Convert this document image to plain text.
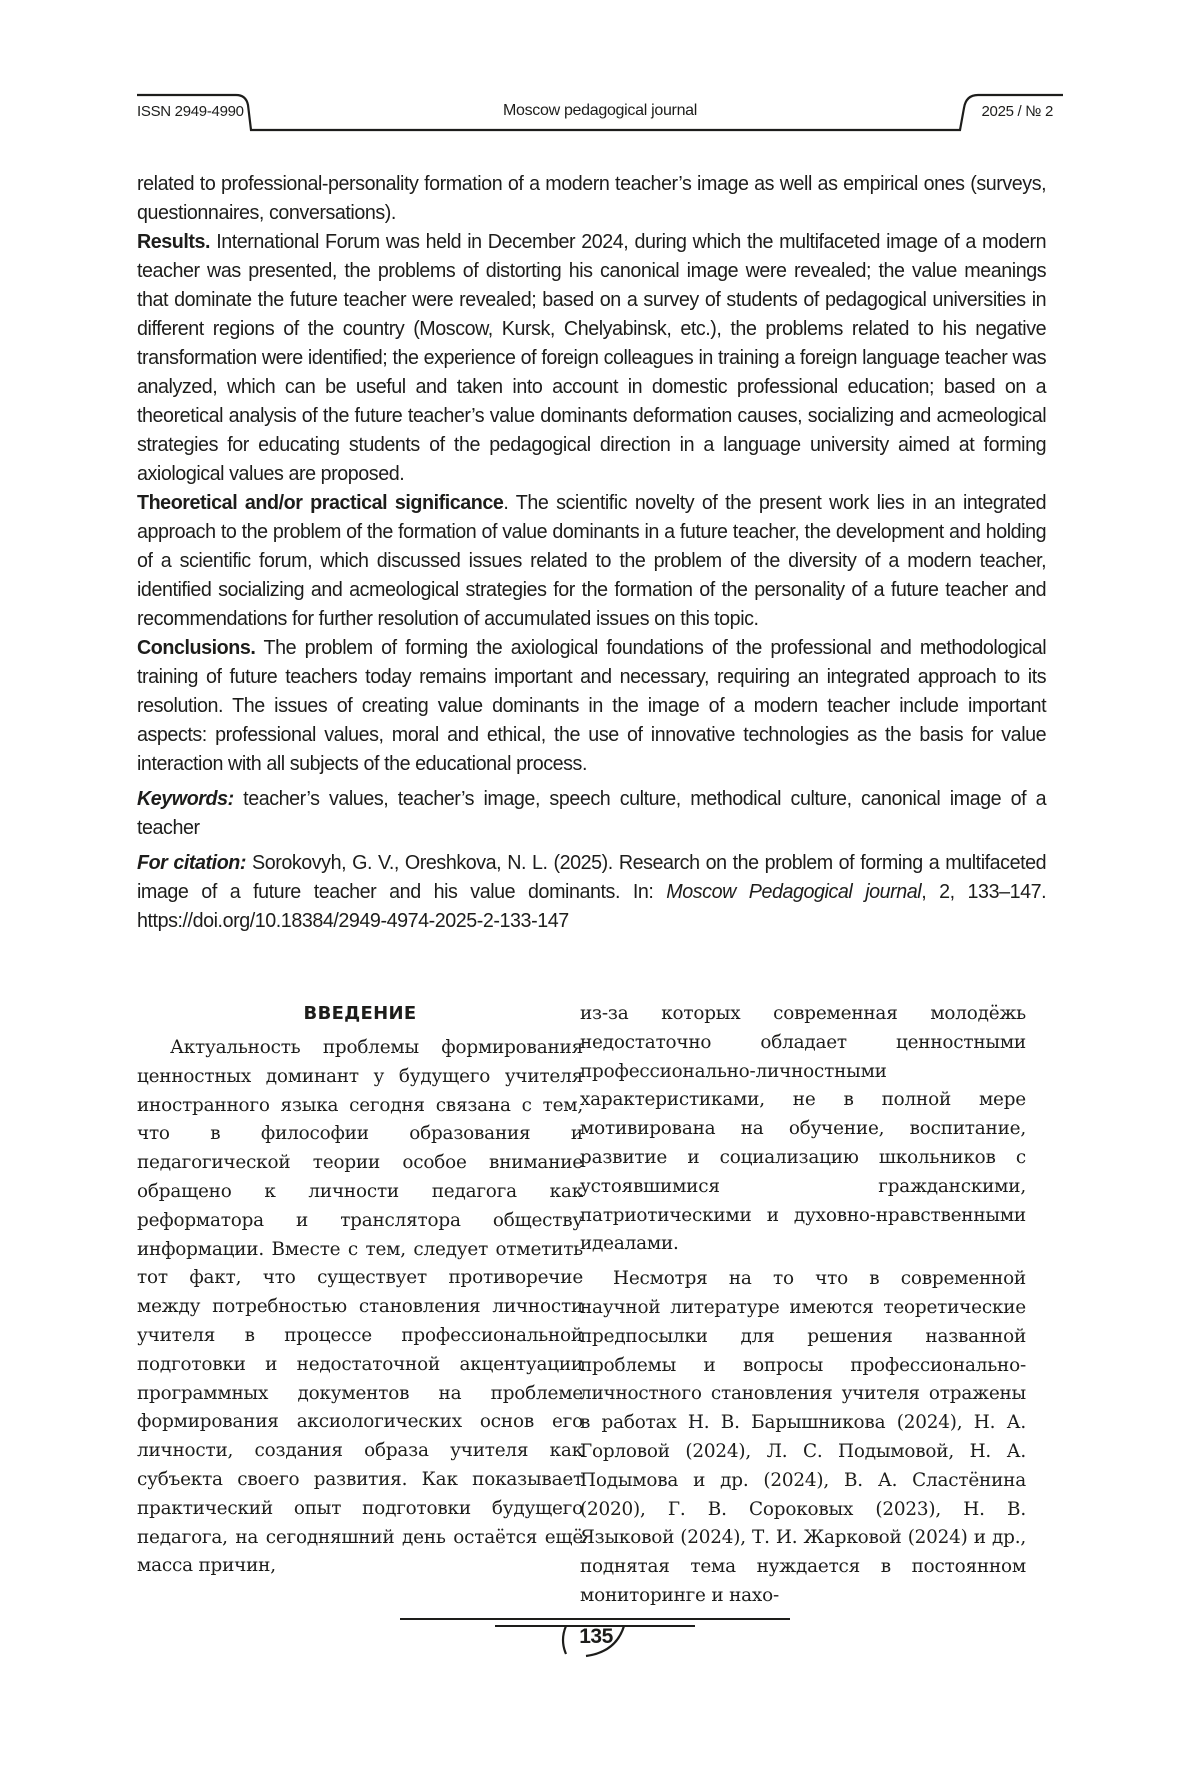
ISSN 2949-4990	Moscow pedagogical journal	2025 / № 2

related to professional-personality formation of a modern teacher’s image as well as empirical ones (surveys, questionnaires, conversations).

Results. International Forum was held in December 2024, during which the multifaceted image of a modern teacher was presented, the problems of distorting his canonical image were revealed; the value meanings that dominate the future teacher were revealed; based on a survey of students of pedagogical universities in different regions of the country (Moscow, Kursk, Chelyabinsk, etc.), the problems related to his negative transformation were identified; the experience of foreign colleagues in training a foreign language teacher was analyzed, which can be useful and taken into account in domestic professional education; based on a theoretical analysis of the future teacher’s value dominants deformation causes, socializing and acmeological strategies for educating students of the pedagogical direction in a language university aimed at forming axiological values are proposed.

Theoretical and/or practical significance. The scientific novelty of the present work lies in an integrated approach to the problem of the formation of value dominants in a future teacher, the development and holding of a scientific forum, which discussed issues related to the problem of the diversity of a modern teacher, identified socializing and acmeological strategies for the formation of the personality of a future teacher and recommendations for further resolution of accumulated issues on this topic.

Conclusions. The problem of forming the axiological foundations of the professional and methodological training of future teachers today remains important and necessary, requiring an integrated approach to its resolution. The issues of creating value dominants in the image of a modern teacher include important aspects: professional values, moral and ethical, the use of innovative technologies as the basis for value interaction with all subjects of the educational process.

Keywords: teacher’s values, teacher’s image, speech culture, methodical culture, canonical image of a teacher

For citation: Sorokovyh, G. V., Oreshkova, N. L. (2025). Research on the problem of forming a multifaceted image of a future teacher and his value dominants. In: Moscow Pedagogical journal, 2, 133–147. https://doi.org/10.18384/2949-4974-2025-2-133-147

ВВЕДЕНИЕ

Актуальность проблемы формирования ценностных доминант у будущего учителя иностранного языка сегодня связана с тем, что в философии образования и педагогической теории особое внимание обращено к личности педагога как реформатора и транслятора обществу информации. Вместе с тем, следует отметить тот факт, что существует противоречие между потребностью становления личности учителя в процессе профессиональной подготовки и недостаточной акцентуации программных документов на проблеме формирования аксиологических основ его личности, создания образа учителя как субъекта своего развития. Как показывает практический опыт подготовки будущего педагога, на сегодняшний день остаётся ещё масса причин,

из-за которых современная молодёжь недостаточно обладает ценностными профессионально-личностными характеристиками, не в полной мере мотивирована на обучение, воспитание, развитие и социализацию школьников с устоявшимися гражданскими, патриотическими и духовно-нравственными идеалами.

Несмотря на то что в современной научной литературе имеются теоретические предпосылки для решения названной проблемы и вопросы профессионально-личностного становления учителя отражены в работах Н. В. Барышникова (2024), Н. А. Горловой (2024), Л. С. Подымовой, Н. А. Подымова и др. (2024), В. А. Сластёнина (2020), Г. В. Сороковых (2023), Н. В. Языковой (2024), Т. И. Жарковой (2024) и др., поднятая тема нуждается в постоянном мониторинге и нахо-

135
